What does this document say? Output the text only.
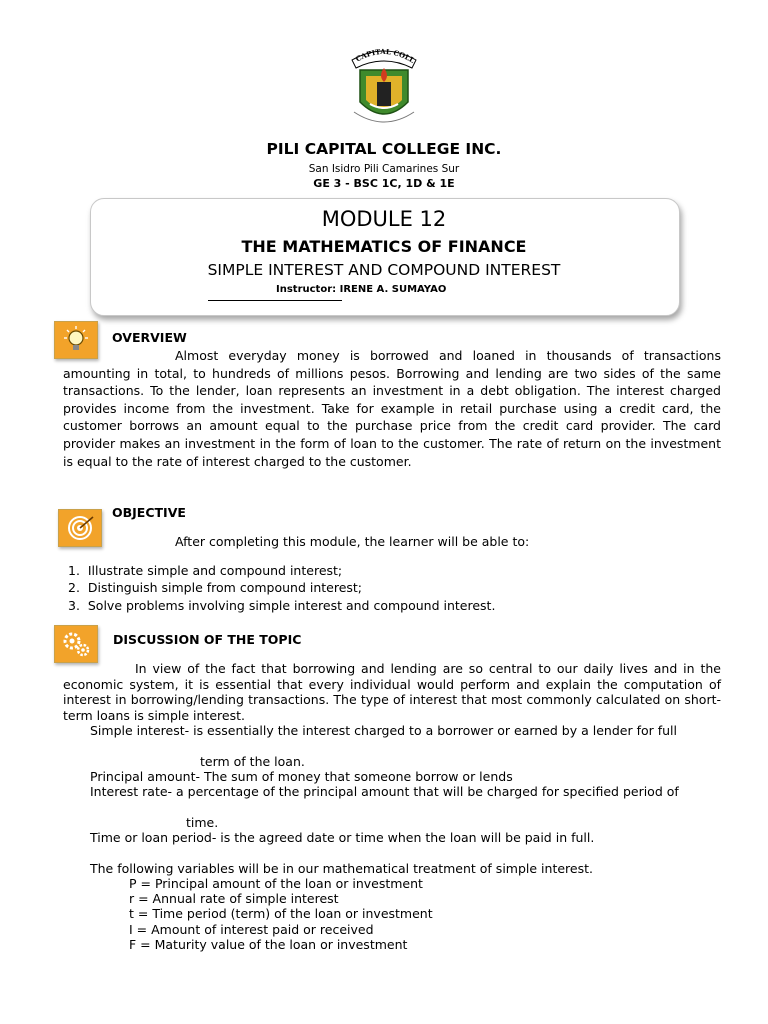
CAPITAL COLL
PILI CAPITAL COLLEGE INC.
San Isidro Pili Camarines Sur
GE 3 - BSC 1C, 1D & 1E
MODULE 12
THE MATHEMATICS OF FINANCE
SIMPLE INTEREST AND COMPOUND INTEREST
Instructor: IRENE A. SUMAYAO
OVERVIEW
Almost everyday money is borrowed and loaned in thousands of transactions amounting in total, to hundreds of millions pesos. Borrowing and lending are two sides of the same transactions. To the lender, loan represents an investment in a debt obligation. The interest charged provides income from the investment. Take for example in retail purchase using a credit card, the customer borrows an amount equal to the purchase price from the credit card provider. The card provider makes an investment in the form of loan to the customer. The rate of return on the investment is equal to the rate of interest charged to the customer.
OBJECTIVE
After completing this module, the learner will be able to:
1.  Illustrate simple and compound interest;
2.  Distinguish simple from compound interest;
3.  Solve problems involving simple interest and compound interest.
DISCUSSION OF THE TOPIC
In view of the fact that borrowing and lending are so central to our daily lives and in the economic system, it is essential that every individual would perform and explain the computation of interest in borrowing/lending transactions. The type of interest that most commonly calculated on short-term loans is simple interest.
Simple interest- is essentially the interest charged to a borrower or earned by a lender for full
term of the loan.
Principal amount- The sum of money that someone borrow or lends
Interest rate- a percentage of the principal amount that will be charged for specified period of
time.
Time or loan period- is the agreed date or time when the loan will be paid in full.
The following variables will be in our mathematical treatment of simple interest.
P = Principal amount of the loan or investment
r = Annual rate of simple interest
t = Time period (term) of the loan or investment
I = Amount of interest paid or received
F = Maturity value of the loan or investment
